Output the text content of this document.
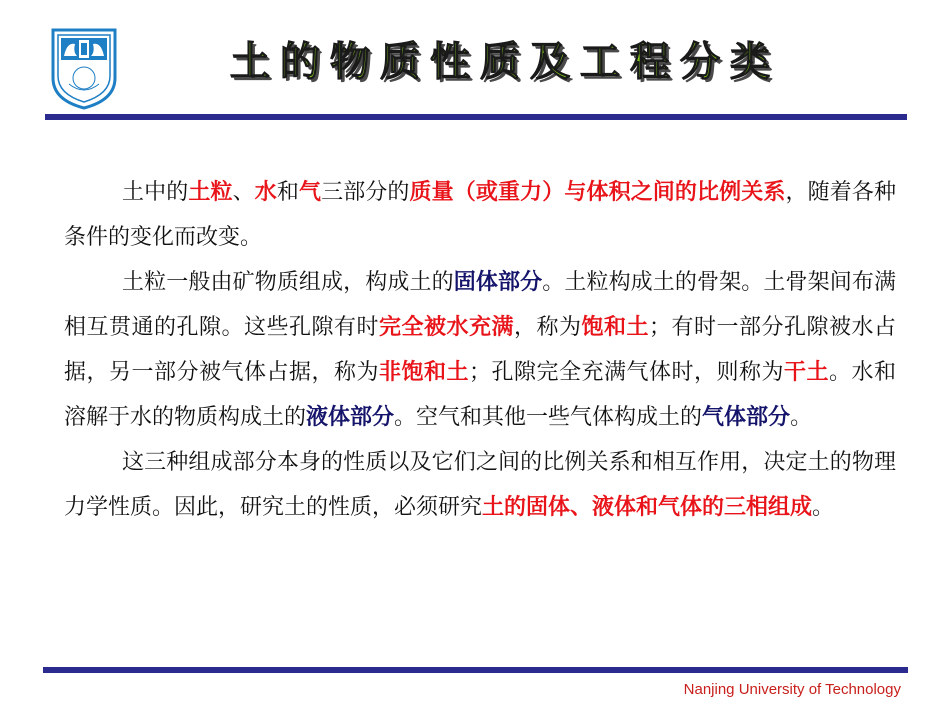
土的物质性质及工程分类

土中的土粒、水和气三部分的质量（或重力）与体积之间的比例关系，随着各种条件的变化而改变。

土粒一般由矿物质组成，构成土的固体部分。土粒构成土的骨架。土骨架间布满相互贯通的孔隙。这些孔隙有时完全被水充满，称为饱和土；有时一部分孔隙被水占据，另一部分被气体占据，称为非饱和土；孔隙完全充满气体时，则称为干土。水和溶解于水的物质构成土的液体部分。空气和其他一些气体构成土的气体部分。

这三种组成部分本身的性质以及它们之间的比例关系和相互作用，决定土的物理力学性质。因此，研究土的性质，必须研究土的固体、液体和气体的三相组成。

Nanjing University of Technology
